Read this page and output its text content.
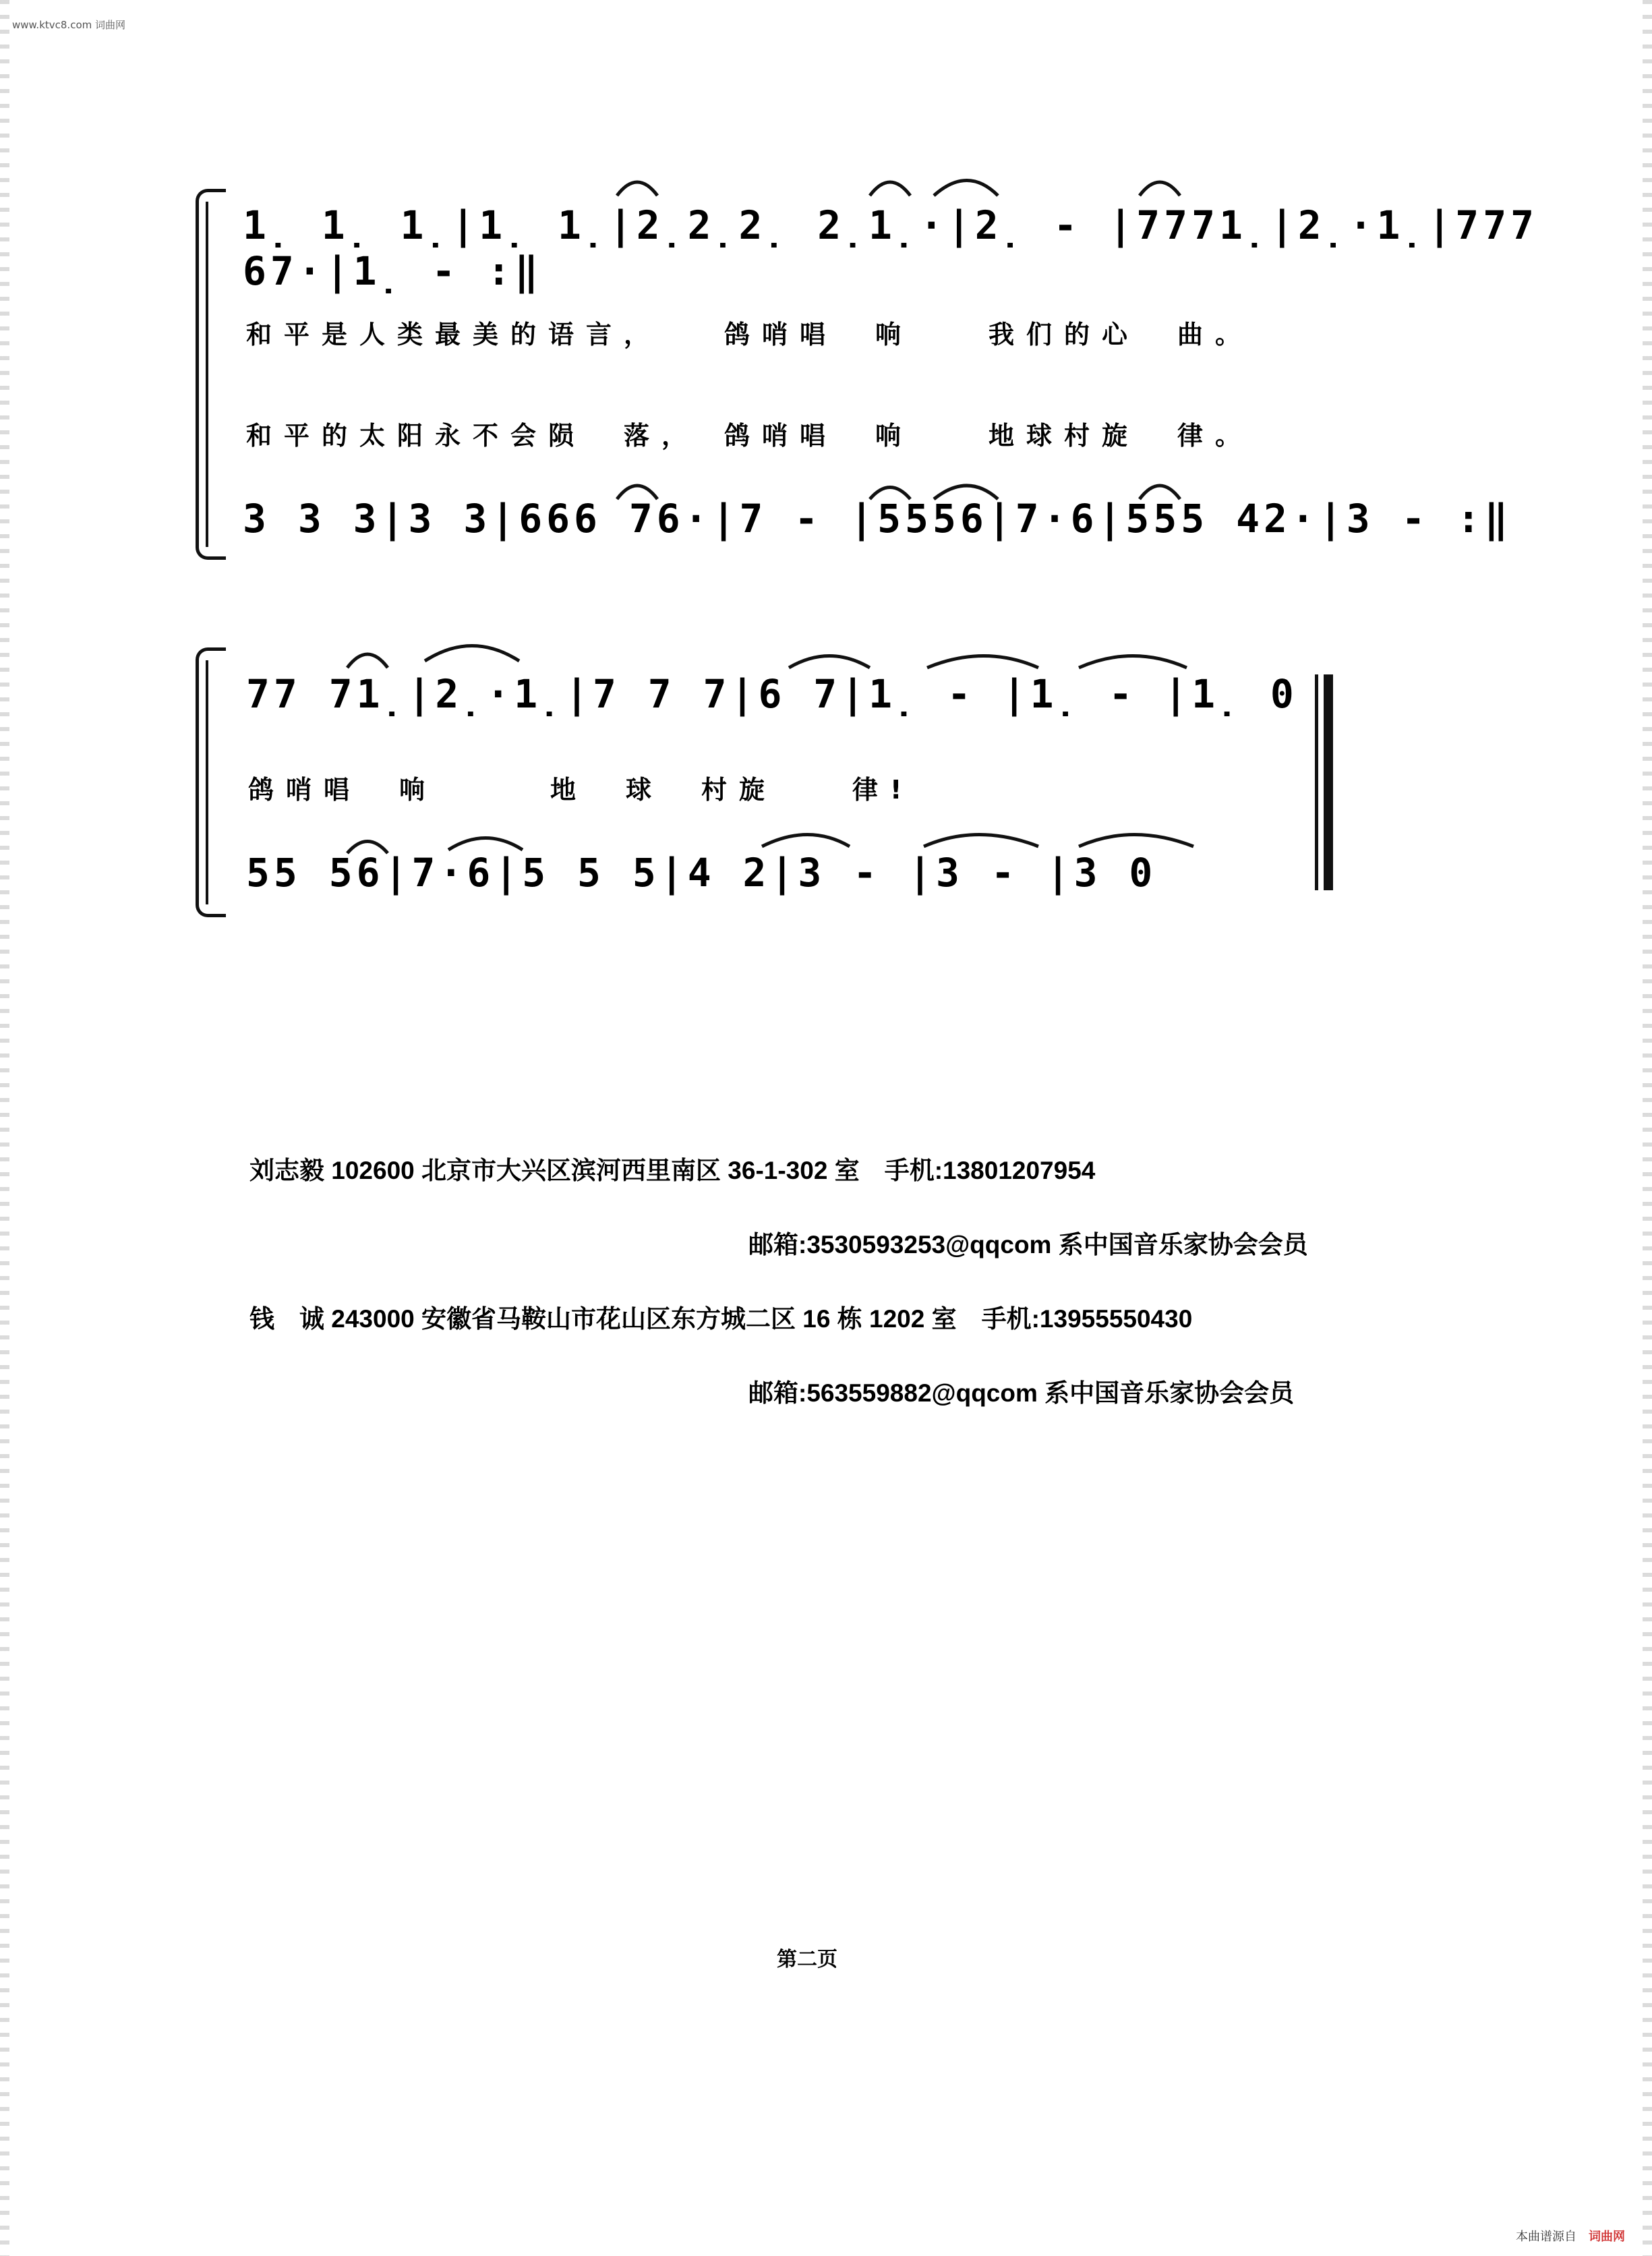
www.ktvc8.com 词曲网
1̣ 1̣ 1̣|1̣ 1̣|2̣2̣2̣ 2̣1̣·|2̣ - |7771̣|2̣·1̣|777 67·|1̣ - :‖
和平是人类最美的语言，　　鸽哨唱　响　　我们的心　曲。
和平的太阳永不会陨　落，　鸽哨唱　响　　地球村旋　律。
3 3 3|3 3|666 76·|7 - |5556|7·6|555 42·|3 - :‖
77 71̣|2̣·1̣|7 7 7|6 7|1̣ - |1̣ - |1̣ 0
鸽哨唱　响　　　地　球　村旋　　律!
55 56|7·6|5 5 5|4 2|3 - |3 - |3 0
刘志毅 102600 北京市大兴区滨河西里南区 36-1-302 室　手机:13801207954
邮箱:3530593253@qqcom 系中国音乐家协会会员
钱　诚 243000 安徽省马鞍山市花山区东方城二区 16 栋 1202 室　手机:13955550430
邮箱:563559882@qqcom 系中国音乐家协会会员
第二页
本曲谱源自 词曲网
